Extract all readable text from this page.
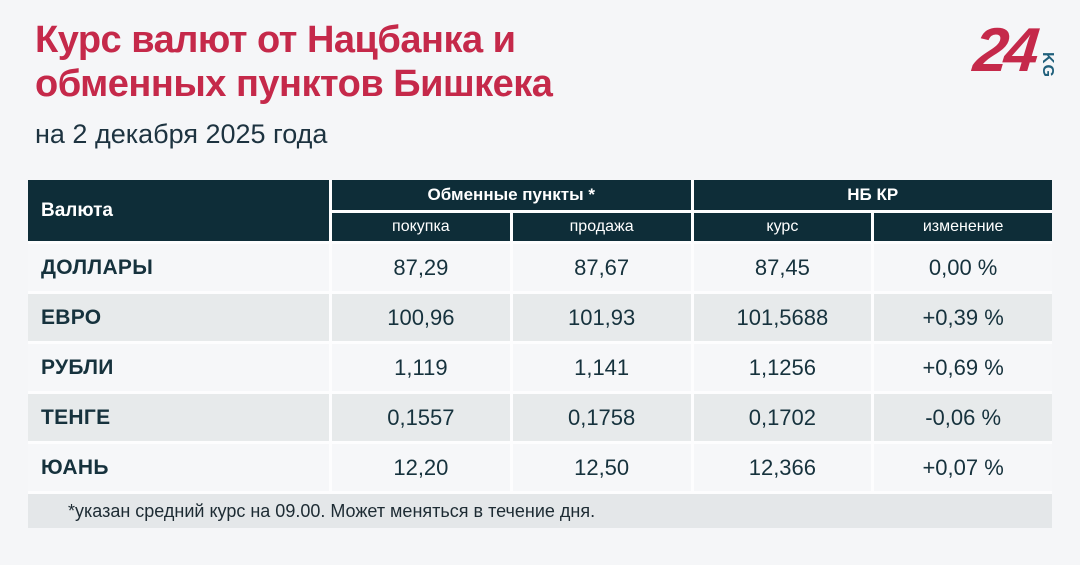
Курс валют от Нацбанка и
обменных пунктов Бишкека
на 2 декабря 2025 года
24 KG
Валюта
Обменные пункты *	НБ КР
покупка	продажа	курс	изменение
ДОЛЛАРЫ	87,29	87,67	87,45	0,00 %
ЕВРО	100,96	101,93	101,5688	+0,39 %
РУБЛИ	1,119	1,141	1,1256	+0,69 %
ТЕНГЕ	0,1557	0,1758	0,1702	-0,06 %
ЮАНЬ	12,20	12,50	12,366	+0,07 %
*указан средний курс на 09.00. Может меняться в течение дня.
